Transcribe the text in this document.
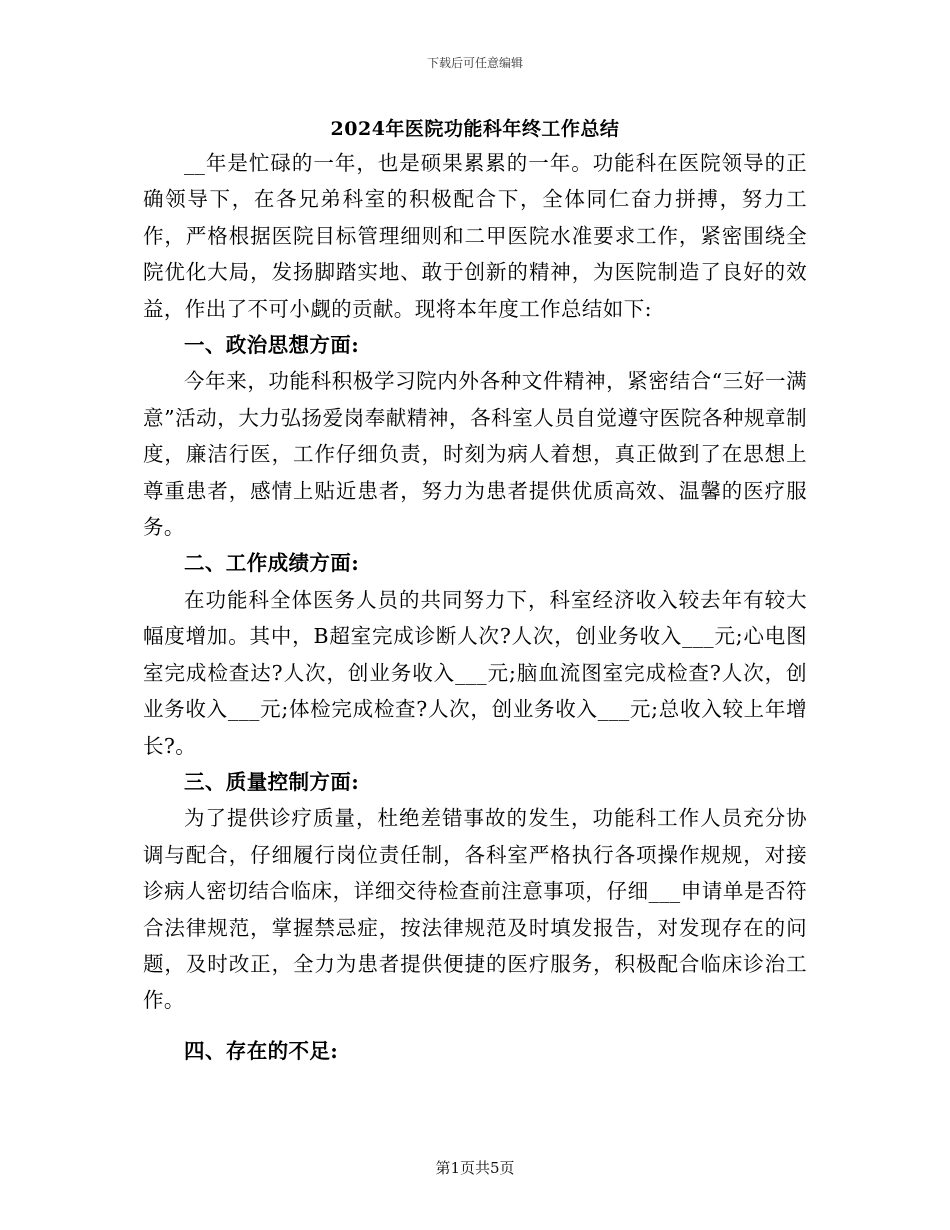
下载后可任意编辑
2024年医院功能科年终工作总结

__年是忙碌的一年，也是硕果累累的一年。功能科在医院领导的正确领导下，在各兄弟科室的积极配合下，全体同仁奋力拼搏，努力工作，严格根据医院目标管理细则和二甲医院水准要求工作，紧密围绕全院优化大局，发扬脚踏实地、敢于创新的精神，为医院制造了良好的效益，作出了不可小觑的贡献。现将本年度工作总结如下:

一、政治思想方面:

今年来，功能科积极学习院内外各种文件精神，紧密结合“三好一满意”活动，大力弘扬爱岗奉献精神，各科室人员自觉遵守医院各种规章制度，廉洁行医，工作仔细负责，时刻为病人着想，真正做到了在思想上尊重患者，感情上贴近患者，努力为患者提供优质高效、温馨的医疗服务。

二、工作成绩方面:

在功能科全体医务人员的共同努力下，科室经济收入较去年有较大幅度增加。其中，B超室完成诊断人次?人次，创业务收入___元;心电图室完成检查达?人次，创业务收入___元;脑血流图室完成检查?人次，创业务收入___元;体检完成检查?人次，创业务收入___元;总收入较上年增长?。

三、质量控制方面:

为了提供诊疗质量，杜绝差错事故的发生，功能科工作人员充分协调与配合，仔细履行岗位责任制，各科室严格执行各项操作规规，对接诊病人密切结合临床，详细交待检查前注意事项，仔细___申请单是否符合法律规范，掌握禁忌症，按法律规范及时填发报告，对发现存在的问题，及时改正，全力为患者提供便捷的医疗服务，积极配合临床诊治工作。

四、存在的不足:

第1页共5页
